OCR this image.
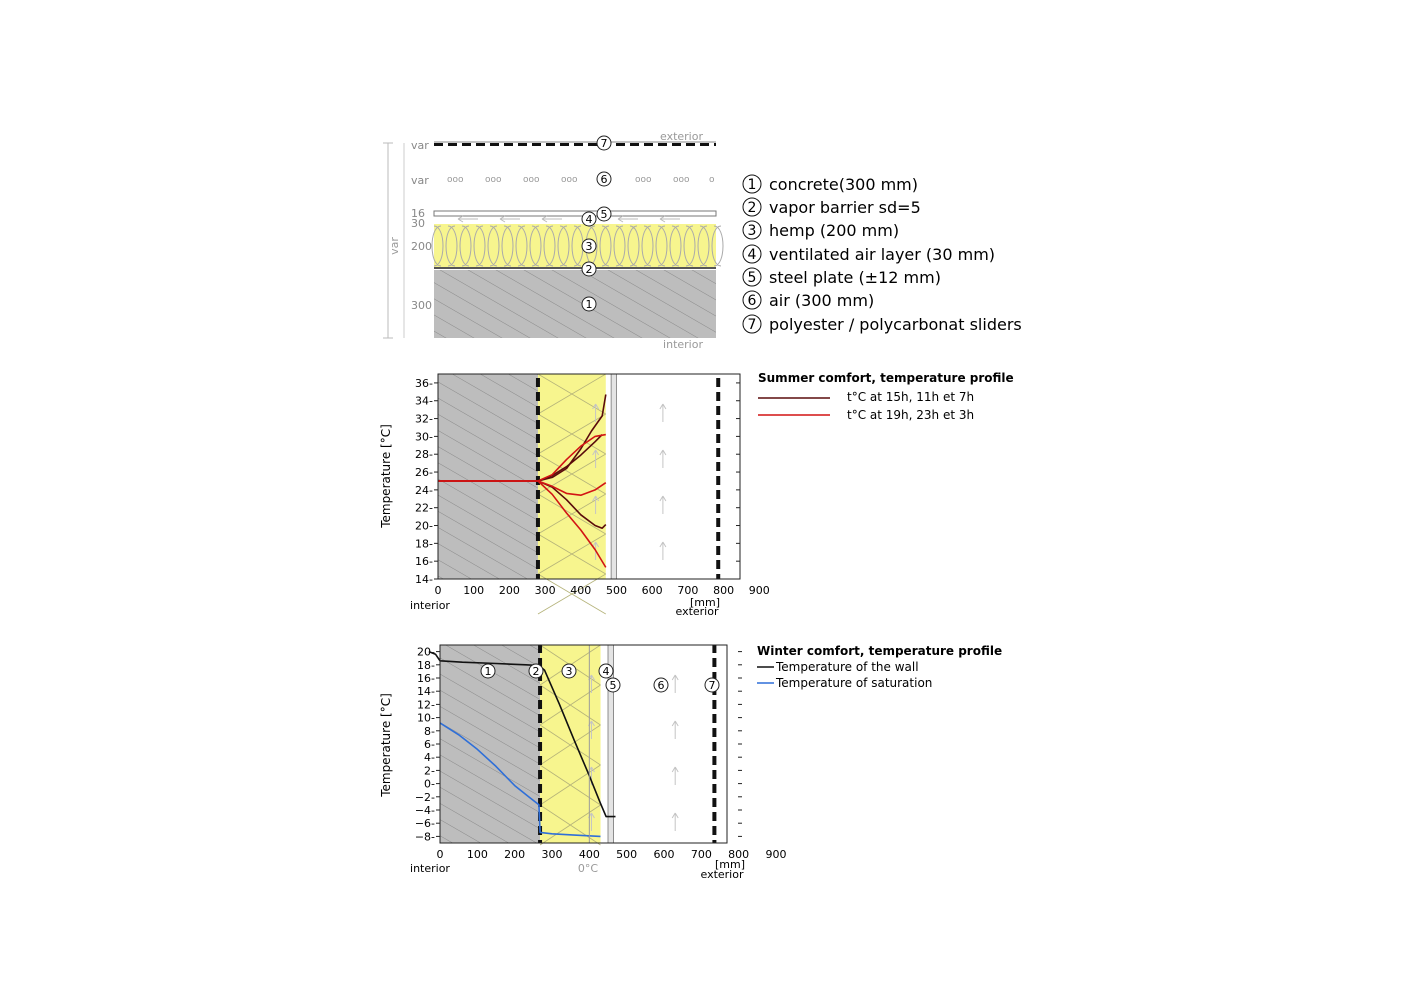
var
var
var
16
30
200
300
exterior
ooo ooo ooo ooo	ooo ooo o
interior
7
6
5
4
3
2
1
1 concrete(300 mm)
2 vapor barrier sd=5
3 hemp (200 mm)
4 ventilated air layer (30 mm)
5 steel plate (±12 mm)
6 air (300 mm)
7 polyester / polycarbonat sliders
36-
34-
32-
30-
28-
26-
24-
22-
20-
18-
16-
14-
0 100 200 300 400 500 600 700 800 900
Temperature [°C]
[mm]
interior	exterior
Summer comfort, temperature profile
t°C at 15h, 11h et 7h
t°C at 19h, 23h et 3h
20-
18-
16-
14-
12-
10-
8-
6-
4-
2-
0-
−2-
−4-
−6-
−8-
0 100 200 300 400 500 600 700 800 900
1	2 3	4
5	6	7
Temperature [°C]
[mm]
interior	exterior
0°C
Winter comfort, temperature profile
Temperature of the wall
Temperature of saturation
